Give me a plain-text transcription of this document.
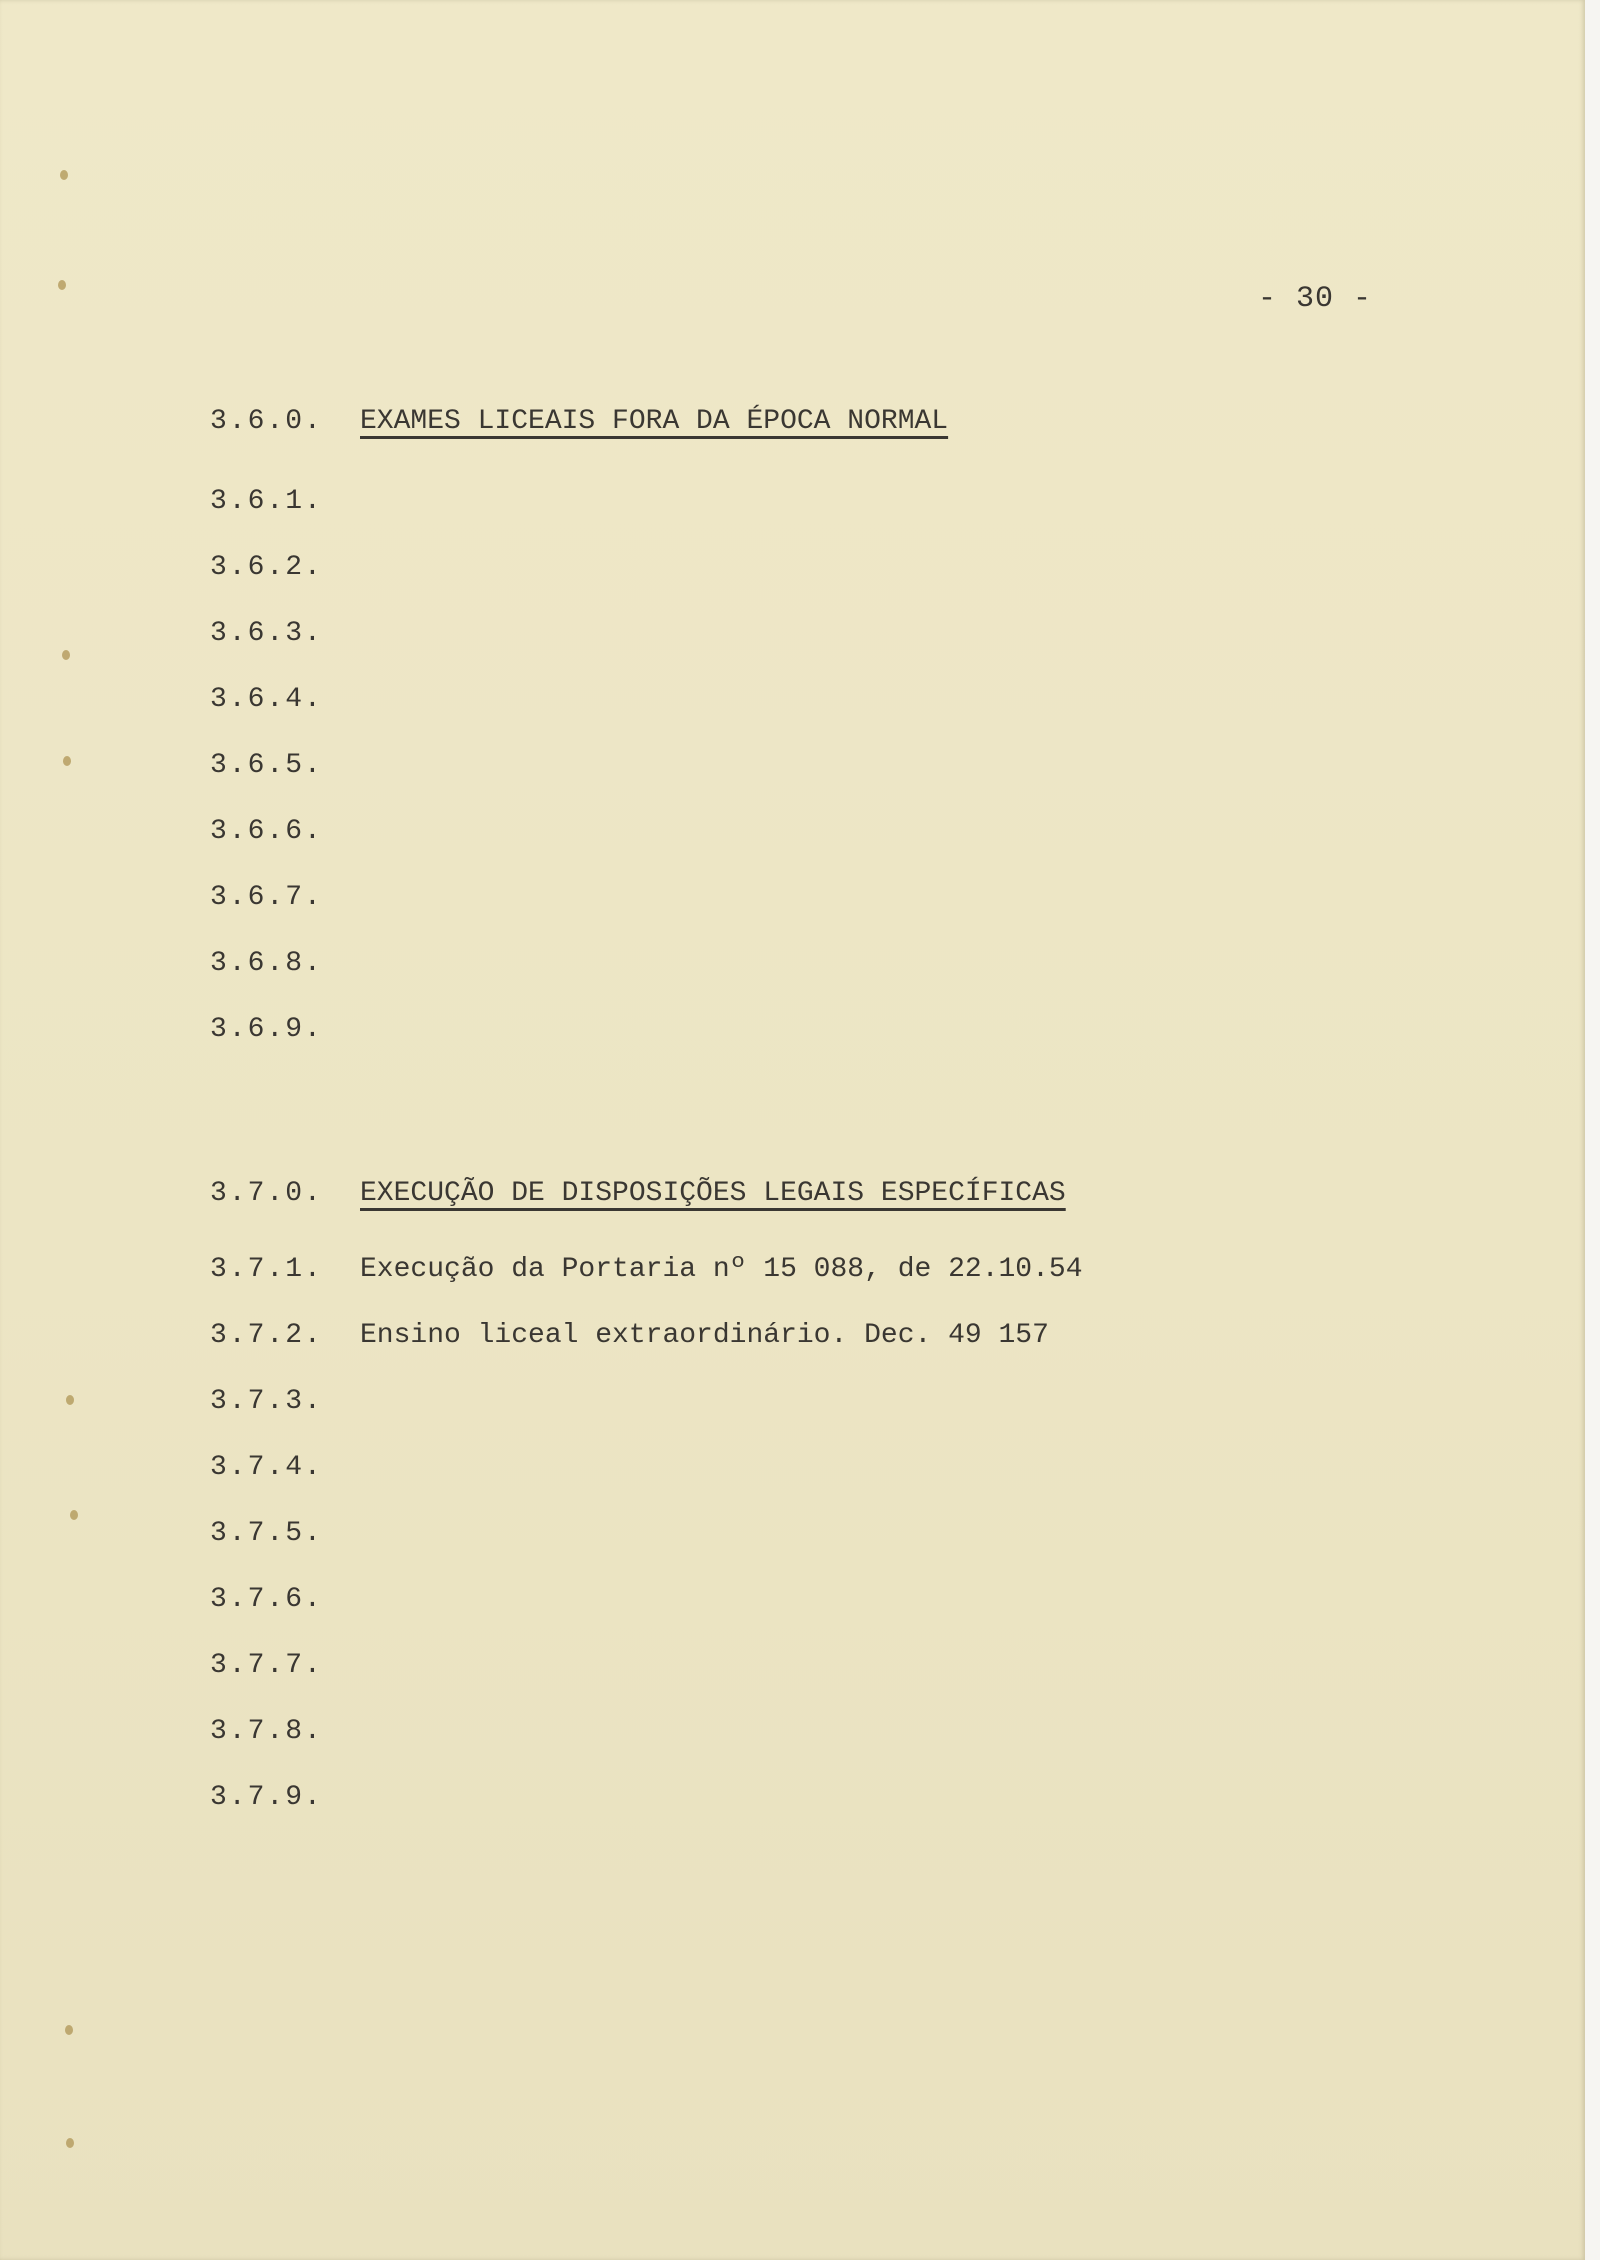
- 30 -
3.6.0. EXAMES LICEAIS FORA DA ÉPOCA NORMAL
3.6.1.
3.6.2.
3.6.3.
3.6.4.
3.6.5.
3.6.6.
3.6.7.
3.6.8.
3.6.9.
3.7.0. EXECUÇÃO DE DISPOSIÇÕES LEGAIS ESPECÍFICAS
3.7.1. Execução da Portaria nº 15 088, de 22.10.54
3.7.2. Ensino liceal extraordinário. Dec. 49 157
3.7.3.
3.7.4.
3.7.5.
3.7.6.
3.7.7.
3.7.8.
3.7.9.
